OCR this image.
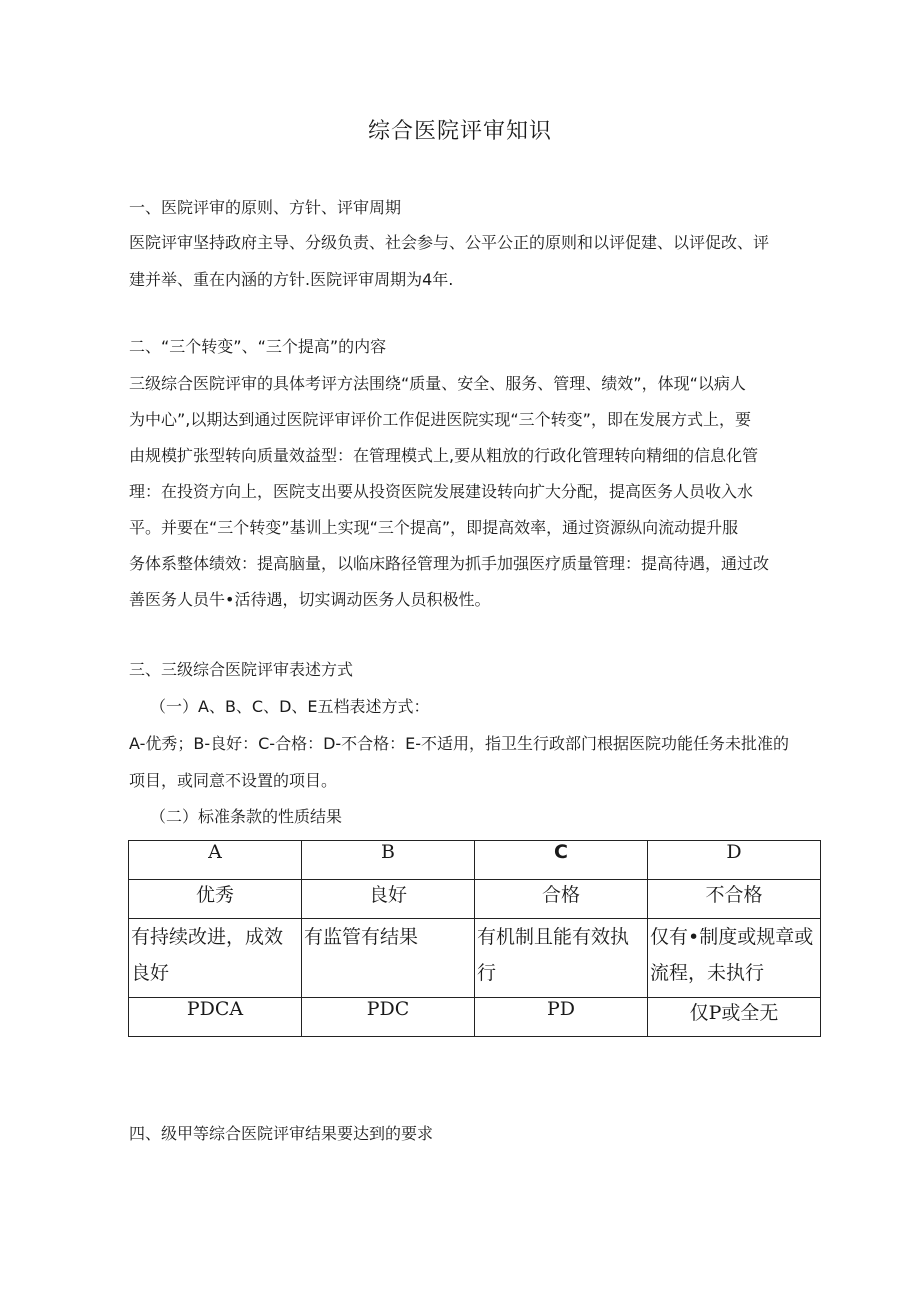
综合医院评审知识
一、医院评审的原则、方针、评审周期
医院评审坚持政府主导、分级负责、社会参与、公平公正的原则和以评促建、以评促改、评
建并举、重在内涵的方针.医院评审周期为4年.
二、“三个转变”、“三个提高”的内容
三级综合医院评审的具体考评方法围绕“质量、安全、服务、管理、绩效”，体现“以病人
为中心”,以期达到通过医院评审评价工作促进医院实现“三个转变”，即在发展方式上，要
由规模扩张型转向质量效益型：在管理模式上,要从粗放的行政化管理转向精细的信息化管
理：在投资方向上，医院支出要从投资医院发展建设转向扩大分配，提高医务人员收入水
平。并要在“三个转变”基训上实现“三个提高”，即提高效率，通过资源纵向流动提升服
务体系整体绩效：提高脑量，以临床路径管理为抓手加强医疗质量管理：提高待遇，通过改
善医务人员牛•活待遇，切实调动医务人员积极性。
三、三级综合医院评审表述方式
（一）A、B、C、D、E五档表述方式：
A-优秀；B-良好：C-合格：D-不合格：E-不适用，指卫生行政部门根据医院功能任务未批准的
项目，或同意不设置的项目。
（二）标准条款的性质结果
A	B	C	D
优秀	良好	合格	不合格
有持续改进，成效良好	有监管有结果	有机制且能有效执行	仅有•制度或规章或流程，未执行
PDCA	PDC	PD	仅P或全无
四、级甲等综合医院评审结果要达到的要求
